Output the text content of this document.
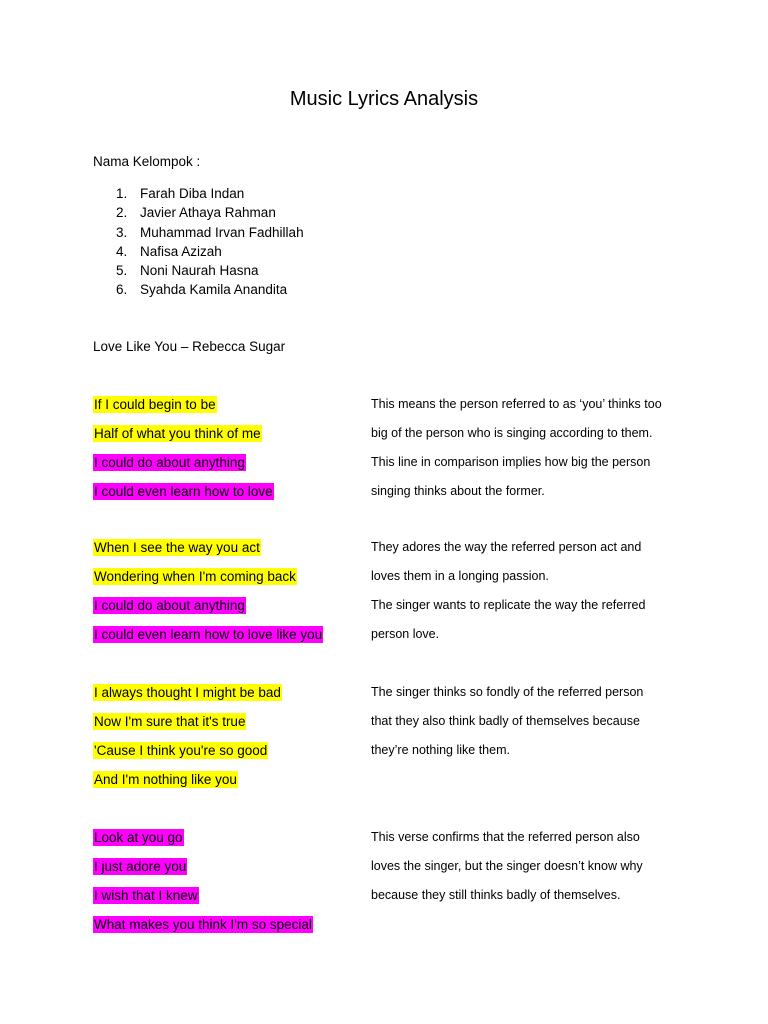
Music Lyrics Analysis
Nama Kelompok :
1. Farah Diba Indan
2. Javier Athaya Rahman
3. Muhammad Irvan Fadhillah
4. Nafisa Azizah
5. Noni Naurah Hasna
6. Syahda Kamila Anandita
Love Like You – Rebecca Sugar
If I could begin to be
Half of what you think of me
I could do about anything
I could even learn how to love
This means the person referred to as ‘you’ thinks too
big of the person who is singing according to them.
This line in comparison implies how big the person
singing thinks about the former.
When I see the way you act
Wondering when I'm coming back
I could do about anything
I could even learn how to love like you
They adores the way the referred person act and
loves them in a longing passion.
The singer wants to replicate the way the referred
person love.
I always thought I might be bad
Now I'm sure that it's true
'Cause I think you're so good
And I'm nothing like you
The singer thinks so fondly of the referred person
that they also think badly of themselves because
they’re nothing like them.
Look at you go
I just adore you
I wish that I knew
What makes you think I'm so special
This verse confirms that the referred person also
loves the singer, but the singer doesn’t know why
because they still thinks badly of themselves.
